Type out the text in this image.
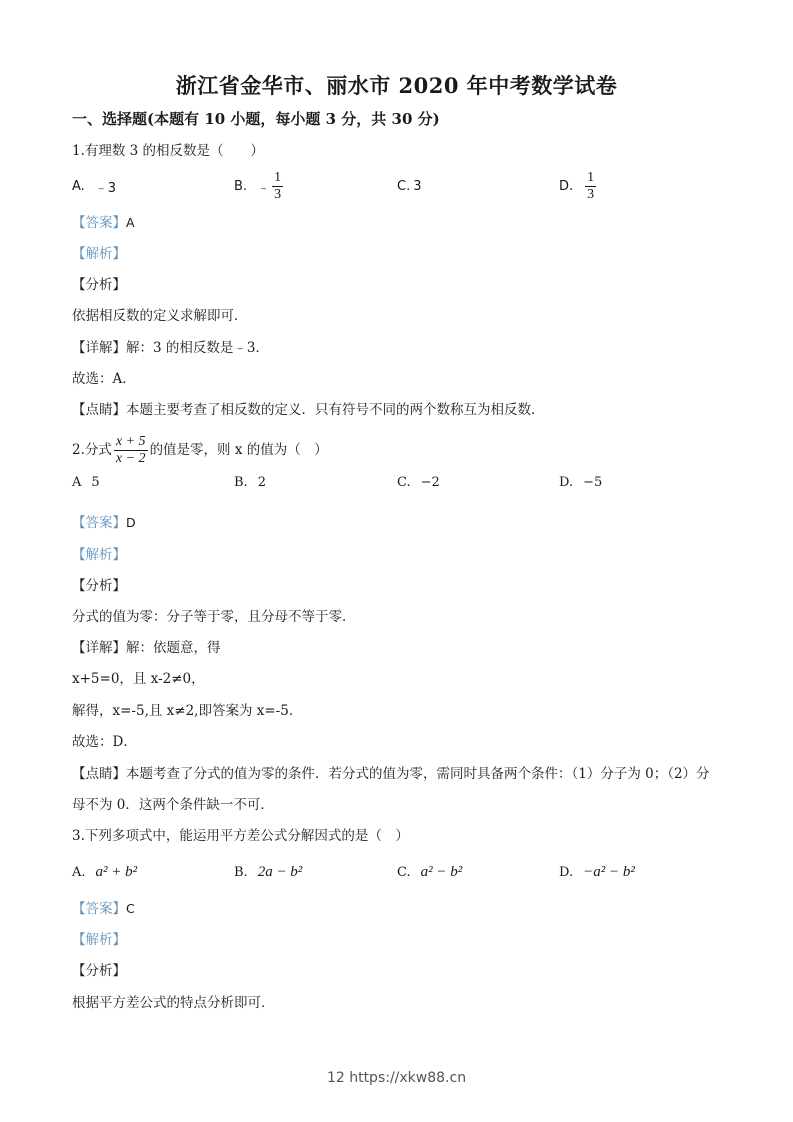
浙江省金华市、丽水市 2020 年中考数学试卷
一、选择题(本题有 10 小题，每小题 3 分，共 30 分)
1.有理数 3 的相反数是（　　）
A. ﹣3	B. ﹣ $\frac{1}{3}$	C. 3	D. $\frac{1}{3}$
【答案】A
【解析】
【分析】
依据相反数的定义求解即可．
【详解】解：3 的相反数是﹣3．
故选：A．
【点睛】本题主要考查了相反数的定义．只有符号不同的两个数称互为相反数．
2.分式 $\frac{x + 5}{x - 2}$ 的值是零，则 x 的值为（　）
A 5	B. 2	C. −2	D. −5
【答案】D
【解析】
【分析】
分式的值为零：分子等于零，且分母不等于零．
【详解】解：依题意，得
x+5=0，且 x-2≠0，
解得，x=-5,且 x≠2,即答案为 x=-5．
故选：D．
【点睛】本题考查了分式的值为零的条件．若分式的值为零，需同时具备两个条件：（1）分子为 0；（2）分
母不为 0．这两个条件缺一不可．
3.下列多项式中，能运用平方差公式分解因式的是（　）
A. a² + b²	B. 2a − b²	C. a² − b²	D. −a² − b²
【答案】C
【解析】
【分析】
根据平方差公式的特点分析即可．
12 https://xkw88.cn
